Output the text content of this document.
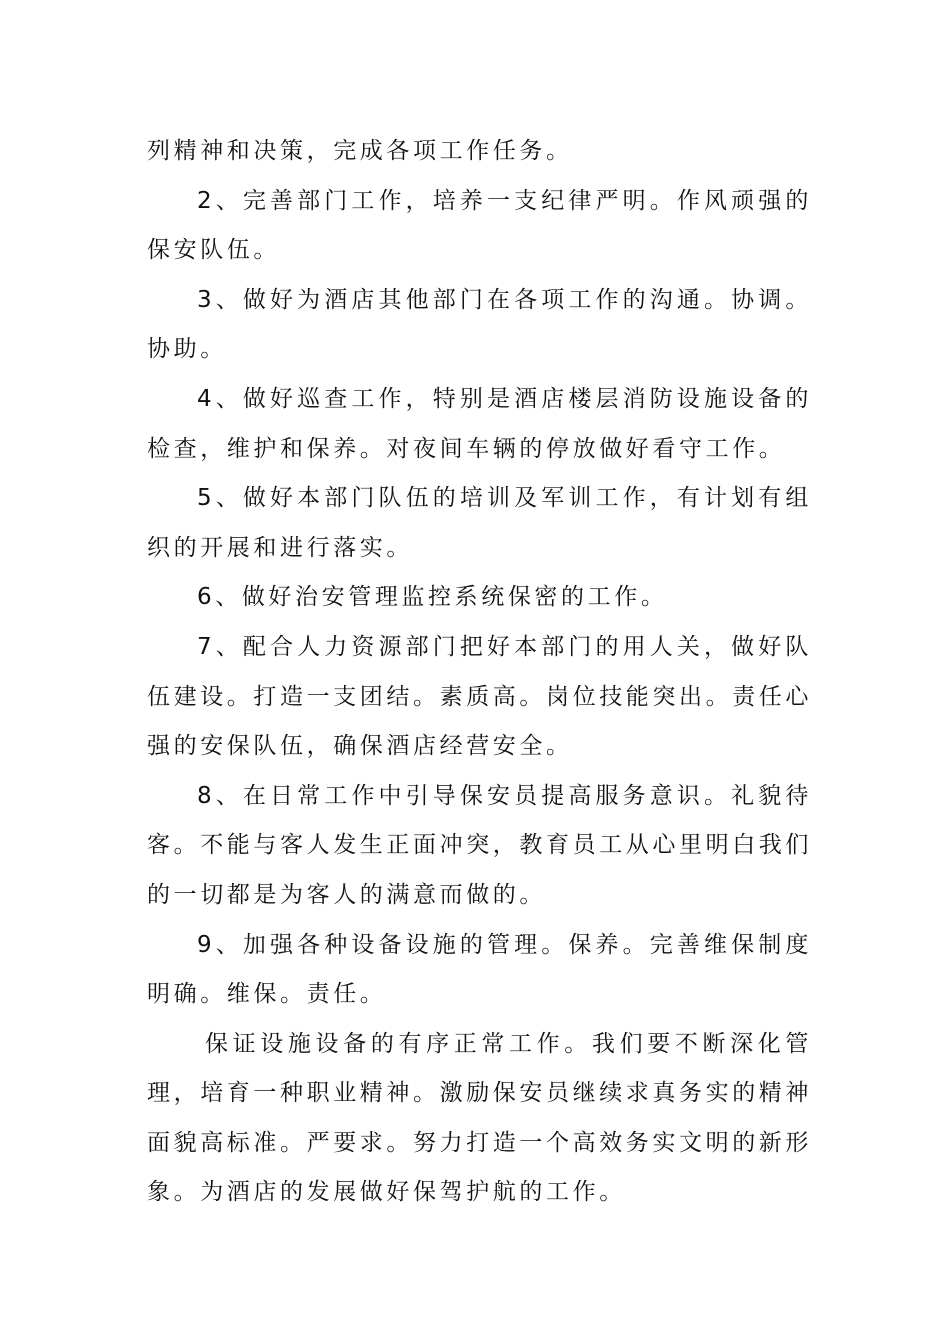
列精神和决策，完成各项工作任务。

2、完善部门工作，培养一支纪律严明。作风顽强的保安队伍。

3、做好为酒店其他部门在各项工作的沟通。协调。协助。

4、做好巡查工作，特别是酒店楼层消防设施设备的检查，维护和保养。对夜间车辆的停放做好看守工作。

5、做好本部门队伍的培训及军训工作，有计划有组织的开展和进行落实。

6、做好治安管理监控系统保密的工作。

7、配合人力资源部门把好本部门的用人关，做好队伍建设。打造一支团结。素质高。岗位技能突出。责任心强的安保队伍，确保酒店经营安全。

8、在日常工作中引导保安员提高服务意识。礼貌待客。不能与客人发生正面冲突，教育员工从心里明白我们的一切都是为客人的满意而做的。

9、加强各种设备设施的管理。保养。完善维保制度明确。维保。责任。

保证设施设备的有序正常工作。我们要不断深化管理，培育一种职业精神。激励保安员继续求真务实的精神面貌高标准。严要求。努力打造一个高效务实文明的新形象。为酒店的发展做好保驾护航的工作。
